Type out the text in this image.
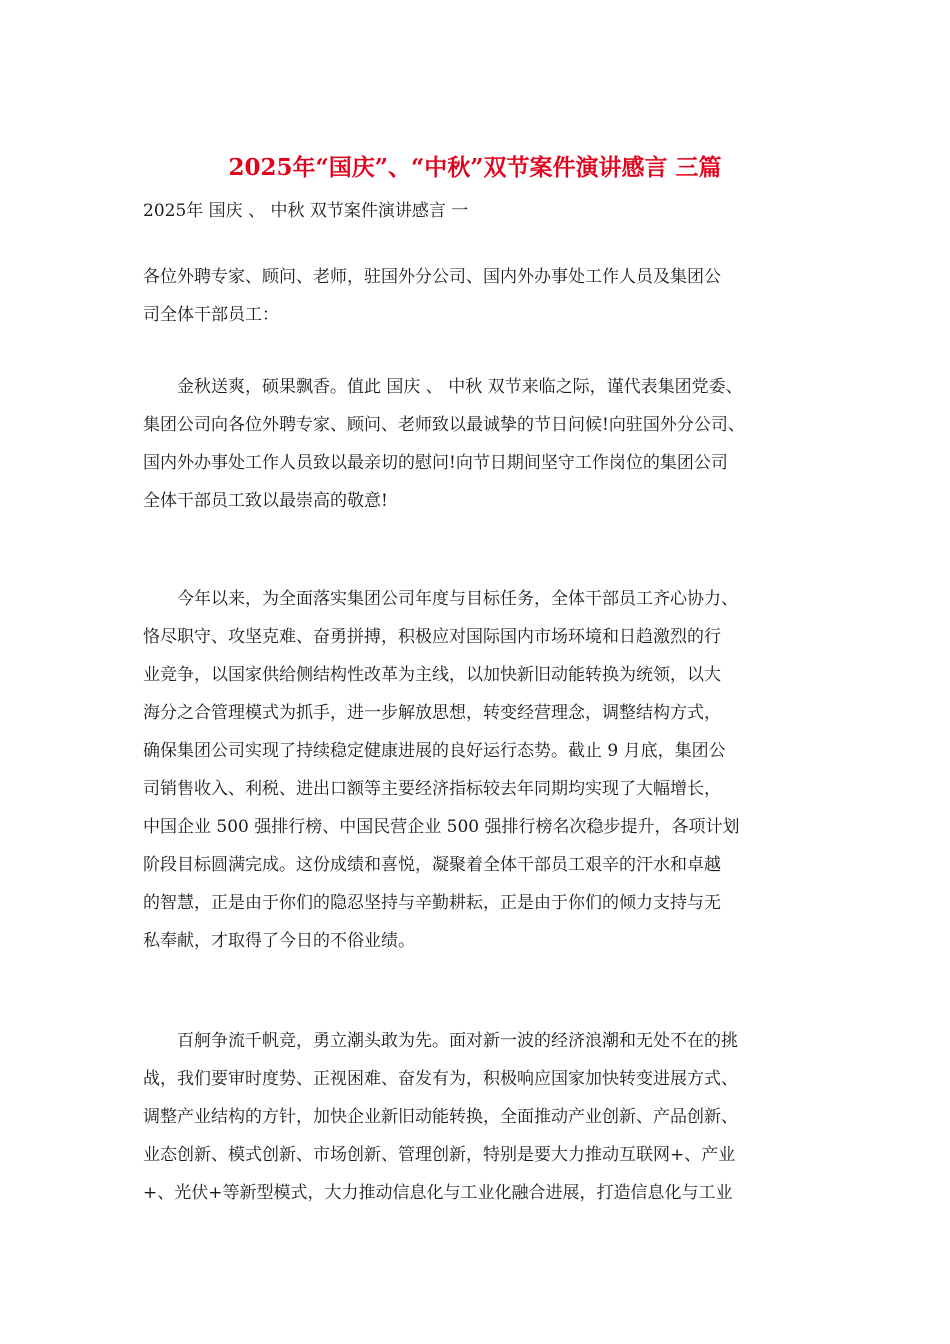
2025年“国庆”、“中秋”双节案件演讲感言 三篇
2025年 国庆 、 中秋 双节案件演讲感言 一
各位外聘专家、顾问、老师，驻国外分公司、国内外办事处工作人员及集团公
司全体干部员工：
金秋送爽，硕果飘香。值此 国庆 、 中秋 双节来临之际，谨代表集团党委、
集团公司向各位外聘专家、顾问、老师致以最诚挚的节日问候!向驻国外分公司、
国内外办事处工作人员致以最亲切的慰问!向节日期间坚守工作岗位的集团公司
全体干部员工致以最崇高的敬意!
今年以来，为全面落实集团公司年度与目标任务，全体干部员工齐心协力、
恪尽职守、攻坚克难、奋勇拼搏，积极应对国际国内市场环境和日趋激烈的行
业竞争，以国家供给侧结构性改革为主线，以加快新旧动能转换为统领，以大
海分之合管理模式为抓手，进一步解放思想，转变经营理念，调整结构方式，
确保集团公司实现了持续稳定健康进展的良好运行态势。截止 9 月底，集团公
司销售收入、利税、进出口额等主要经济指标较去年同期均实现了大幅增长，
中国企业 500 强排行榜、中国民营企业 500 强排行榜名次稳步提升，各项计划
阶段目标圆满完成。这份成绩和喜悦，凝聚着全体干部员工艰辛的汗水和卓越
的智慧，正是由于你们的隐忍坚持与辛勤耕耘，正是由于你们的倾力支持与无
私奉献，才取得了今日的不俗业绩。
百舸争流千帆竞，勇立潮头敢为先。面对新一波的经济浪潮和无处不在的挑
战，我们要审时度势、正视困难、奋发有为，积极响应国家加快转变进展方式、
调整产业结构的方针，加快企业新旧动能转换，全面推动产业创新、产品创新、
业态创新、模式创新、市场创新、管理创新，特别是要大力推动互联网+、产业
+、光伏+等新型模式，大力推动信息化与工业化融合进展，打造信息化与工业
